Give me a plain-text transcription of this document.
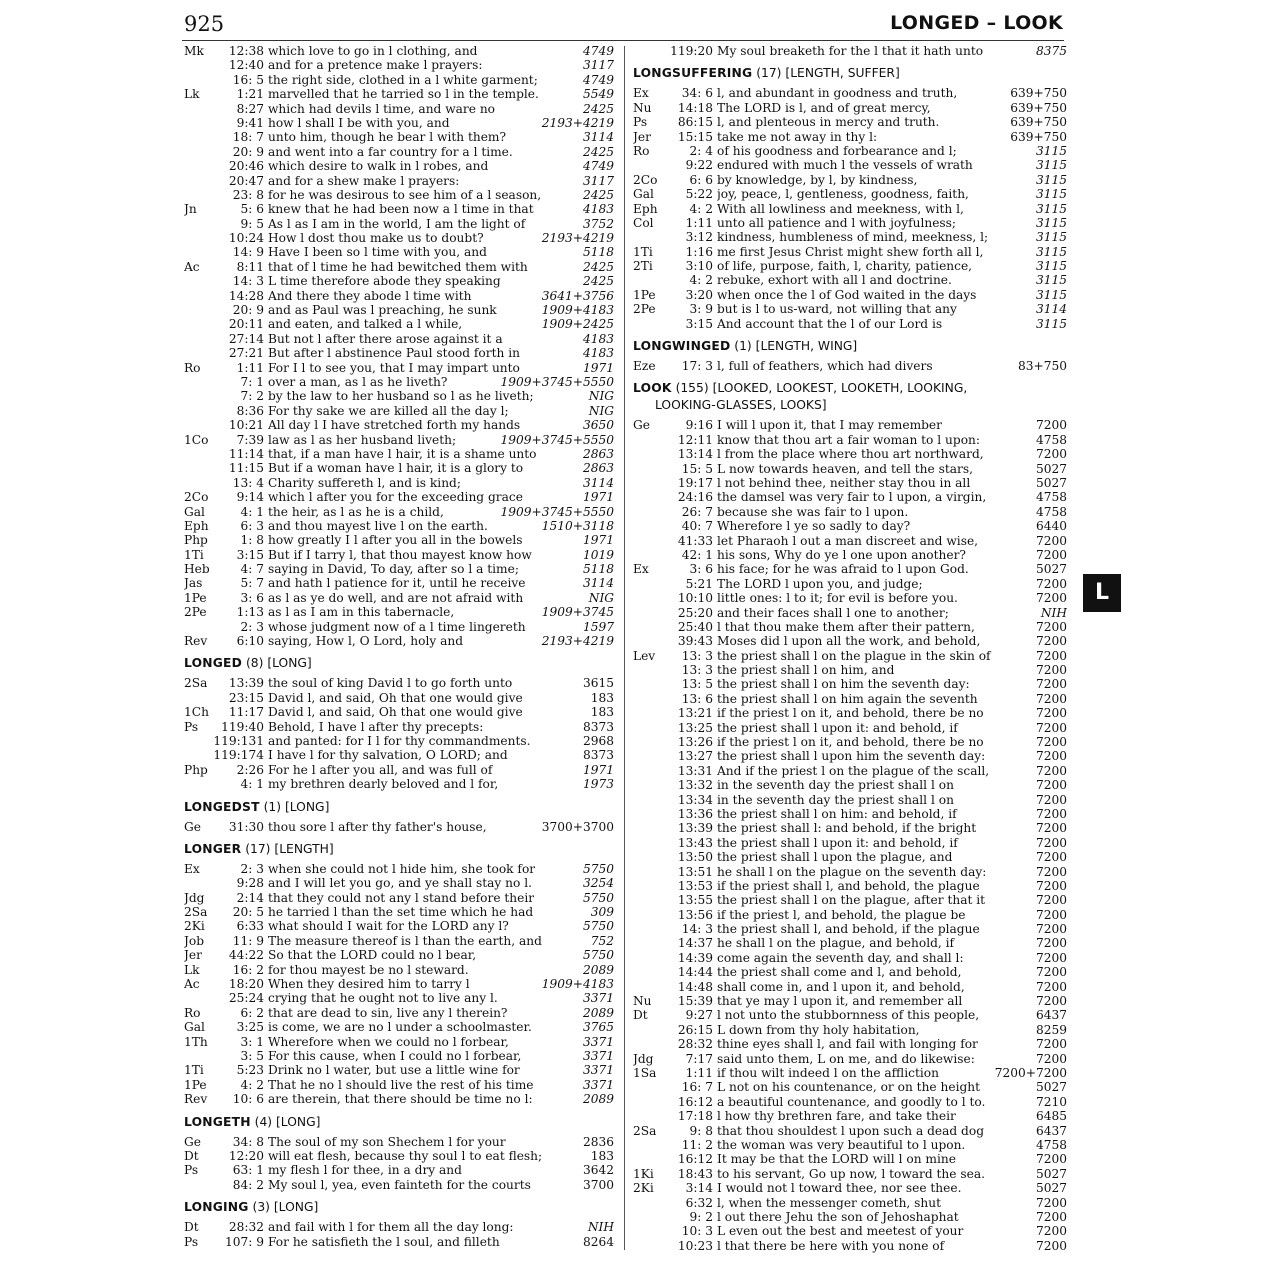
925	LONGED – LOOK
Mk	12:38 which love to go in l clothing, and	4749
12:40 and for a pretence make l prayers:	3117
16: 5 the right side, clothed in a l white garment;	4749
Lk	1:21 marvelled that he tarried so l in the temple.	5549
8:27 which had devils l time, and ware no	2425
9:41 how l shall I be with you, and	2193+4219
18: 7 unto him, though he bear l with them?	3114
20: 9 and went into a far country for a l time.	2425
20:46 which desire to walk in l robes, and	4749
20:47 and for a shew make l prayers:	3117
23: 8 for he was desirous to see him of a l season,	2425
Jn	5: 6 knew that he had been now a l time in that	4183
9: 5 As l as I am in the world, I am the light of	3752
10:24 How l dost thou make us to doubt?	2193+4219
14: 9 Have I been so l time with you, and	5118
Ac	8:11 that of l time he had bewitched them with	2425
14: 3 L time therefore abode they speaking	2425
14:28 And there they abode l time with	3641+3756
20: 9 and as Paul was l preaching, he sunk	1909+4183
20:11 and eaten, and talked a l while,	1909+2425
27:14 But not l after there arose against it a	4183
27:21 But after l abstinence Paul stood forth in	4183
Ro	1:11 For I l to see you, that I may impart unto	1971
7: 1 over a man, as l as he liveth?	1909+3745+5550
7: 2 by the law to her husband so l as he liveth;	NIG
8:36 For thy sake we are killed all the day l;	NIG
10:21 All day l I have stretched forth my hands	3650
1Co	7:39 law as l as her husband liveth;	1909+3745+5550
11:14 that, if a man have l hair, it is a shame unto	2863
11:15 But if a woman have l hair, it is a glory to	2863
13: 4 Charity suffereth l, and is kind;	3114
2Co	9:14 which l after you for the exceeding grace	1971
Gal	4: 1 the heir, as l as he is a child,	1909+3745+5550
Eph	6: 3 and thou mayest live l on the earth.	1510+3118
Php	1: 8 how greatly I l after you all in the bowels	1971
1Ti	3:15 But if I tarry l, that thou mayest know how	1019
Heb	4: 7 saying in David, To day, after so l a time;	5118
Jas	5: 7 and hath l patience for it, until he receive	3114
1Pe	3: 6 as l as ye do well, and are not afraid with	NIG
2Pe	1:13 as l as I am in this tabernacle,	1909+3745
2: 3 whose judgment now of a l time lingereth	1597
Rev	6:10 saying, How l, O Lord, holy and	2193+4219
LONGED (8) [LONG]
2Sa	13:39 the soul of king David l to go forth unto	3615
23:15 David l, and said, Oh that one would give	183
1Ch	11:17 David l, and said, Oh that one would give	183
Ps	119:40 Behold, I have l after thy precepts:	8373
119:131 and panted: for I l for thy commandments.	2968
119:174 I have l for thy salvation, O LORD; and	8373
Php	2:26 For he l after you all, and was full of	1971
4: 1 my brethren dearly beloved and l for,	1973
LONGEDST (1) [LONG]
Ge	31:30 thou sore l after thy father's house,	3700+3700
LONGER (17) [LENGTH]
Ex	2: 3 when she could not l hide him, she took for	5750
9:28 and I will let you go, and ye shall stay no l.	3254
Jdg	2:14 that they could not any l stand before their	5750
2Sa	20: 5 he tarried l than the set time which he had	309
2Ki	6:33 what should I wait for the LORD any l?	5750
Job	11: 9 The measure thereof is l than the earth, and	752
Jer	44:22 So that the LORD could no l bear,	5750
Lk	16: 2 for thou mayest be no l steward.	2089
Ac	18:20 When they desired him to tarry l	1909+4183
25:24 crying that he ought not to live any l.	3371
Ro	6: 2 that are dead to sin, live any l therein?	2089
Gal	3:25 is come, we are no l under a schoolmaster.	3765
1Th	3: 1 Wherefore when we could no l forbear,	3371
3: 5 For this cause, when I could no l forbear,	3371
1Ti	5:23 Drink no l water, but use a little wine for	3371
1Pe	4: 2 That he no l should live the rest of his time	3371
Rev	10: 6 are therein, that there should be time no l:	2089
LONGETH (4) [LONG]
Ge	34: 8 The soul of my son Shechem l for your	2836
Dt	12:20 will eat flesh, because thy soul l to eat flesh;	183
Ps	63: 1 my flesh l for thee, in a dry and	3642
84: 2 My soul l, yea, even fainteth for the courts	3700
LONGING (3) [LONG]
Dt	28:32 and fail with l for them all the day long:	NIH
Ps	107: 9 For he satisfieth the l soul, and filleth	8264
119:20 My soul breaketh for the l that it hath unto	8375
LONGSUFFERING (17) [LENGTH, SUFFER]
Ex	34: 6 l, and abundant in goodness and truth,	639+750
Nu	14:18 The LORD is l, and of great mercy,	639+750
Ps	86:15 l, and plenteous in mercy and truth.	639+750
Jer	15:15 take me not away in thy l:	639+750
Ro	2: 4 of his goodness and forbearance and l;	3115
9:22 endured with much l the vessels of wrath	3115
2Co	6: 6 by knowledge, by l, by kindness,	3115
Gal	5:22 joy, peace, l, gentleness, goodness, faith,	3115
Eph	4: 2 With all lowliness and meekness, with l,	3115
Col	1:11 unto all patience and l with joyfulness;	3115
3:12 kindness, humbleness of mind, meekness, l;	3115
1Ti	1:16 me first Jesus Christ might shew forth all l,	3115
2Ti	3:10 of life, purpose, faith, l, charity, patience,	3115
4: 2 rebuke, exhort with all l and doctrine.	3115
1Pe	3:20 when once the l of God waited in the days	3115
2Pe	3: 9 but is l to us-ward, not willing that any	3114
3:15 And account that the l of our Lord is	3115
LONGWINGED (1) [LENGTH, WING]
Eze	17: 3 l, full of feathers, which had divers	83+750
LOOK (155) [LOOKED, LOOKEST, LOOKETH, LOOKING,
LOOKING-GLASSES, LOOKS]
Ge	9:16 I will l upon it, that I may remember	7200
12:11 know that thou art a fair woman to l upon:	4758
13:14 l from the place where thou art northward,	7200
15: 5 L now towards heaven, and tell the stars,	5027
19:17 l not behind thee, neither stay thou in all	5027
24:16 the damsel was very fair to l upon, a virgin,	4758
26: 7 because she was fair to l upon.	4758
40: 7 Wherefore l ye so sadly to day?	6440
41:33 let Pharaoh l out a man discreet and wise,	7200
42: 1 his sons, Why do ye l one upon another?	7200
Ex	3: 6 his face; for he was afraid to l upon God.	5027
5:21 The LORD l upon you, and judge;	7200
10:10 little ones: l to it; for evil is before you.	7200
25:20 and their faces shall l one to another;	NIH
25:40 l that thou make them after their pattern,	7200
39:43 Moses did l upon all the work, and behold,	7200
Lev	13: 3 the priest shall l on the plague in the skin of	7200
13: 3 the priest shall l on him, and	7200
13: 5 the priest shall l on him the seventh day:	7200
13: 6 the priest shall l on him again the seventh	7200
13:21 if the priest l on it, and behold, there be no	7200
13:25 the priest shall l upon it: and behold, if	7200
13:26 if the priest l on it, and behold, there be no	7200
13:27 the priest shall l upon him the seventh day:	7200
13:31 And if the priest l on the plague of the scall,	7200
13:32 in the seventh day the priest shall l on	7200
13:34 in the seventh day the priest shall l on	7200
13:36 the priest shall l on him: and behold, if	7200
13:39 the priest shall l: and behold, if the bright	7200
13:43 the priest shall l upon it: and behold, if	7200
13:50 the priest shall l upon the plague, and	7200
13:51 he shall l on the plague on the seventh day:	7200
13:53 if the priest shall l, and behold, the plague	7200
13:55 the priest shall l on the plague, after that it	7200
13:56 if the priest l, and behold, the plague be	7200
14: 3 the priest shall l, and behold, if the plague	7200
14:37 he shall l on the plague, and behold, if	7200
14:39 come again the seventh day, and shall l:	7200
14:44 the priest shall come and l, and behold,	7200
14:48 shall come in, and l upon it, and behold,	7200
Nu	15:39 that ye may l upon it, and remember all	7200
Dt	9:27 l not unto the stubbornness of this people,	6437
26:15 L down from thy holy habitation,	8259
28:32 thine eyes shall l, and fail with longing for	7200
Jdg	7:17 said unto them, L on me, and do likewise:	7200
1Sa	1:11 if thou wilt indeed l on the affliction	7200+7200
16: 7 L not on his countenance, or on the height	5027
16:12 a beautiful countenance, and goodly to l to.	7210
17:18 l how thy brethren fare, and take their	6485
2Sa	9: 8 that thou shouldest l upon such a dead dog	6437
11: 2 the woman was very beautiful to l upon.	4758
16:12 It may be that the LORD will l on mine	7200
1Ki	18:43 to his servant, Go up now, l toward the sea.	5027
2Ki	3:14 I would not l toward thee, nor see thee.	5027
6:32 l, when the messenger cometh, shut	7200
9: 2 l out there Jehu the son of Jehoshaphat	7200
10: 3 L even out the best and meetest of your	7200
10:23 l that there be here with you none of	7200
L
